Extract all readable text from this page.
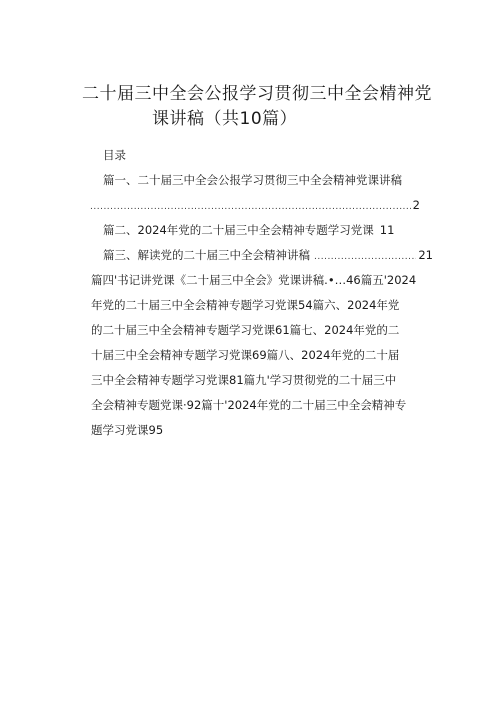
二十届三中全会公报学习贯彻三中全会精神党
课讲稿（共10篇）
目录
篇一、二十届三中全会公报学习贯彻三中全会精神党课讲稿
.....
2
篇二、2024年党的二十届三中全会精神专题学习党课 11
篇三、解读党的二十届三中全会精神讲稿
.....	21
篇四'书记讲党课《二十届三中全会》党课讲稿.•…46篇五'2024
年党的二十届三中全会精神专题学习党课54篇六、2024年党
的二十届三中全会精神专题学习党课61篇七、2024年党的二
十届三中全会精神专题学习党课69篇八、2024年党的二十届
三中全会精神专题学习党课81篇九'学习贯彻党的二十届三中
全会精神专题党课·92篇十'2024年党的二十届三中全会精神专
题学习党课95
